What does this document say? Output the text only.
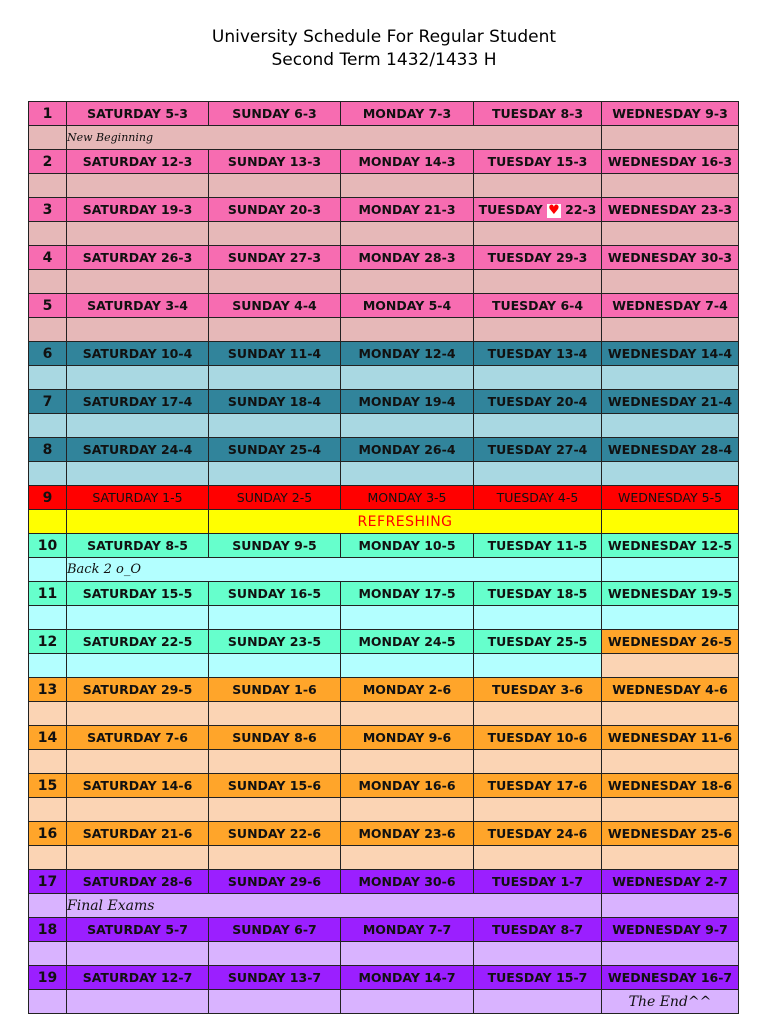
University Schedule For Regular Student
Second Term 1432/1433 H
1	SATURDAY 5-3	SUNDAY 6-3	MONDAY 7-3	TUESDAY 8-3	WEDNESDAY 9-3
	New Beginning				
2	SATURDAY 12-3	SUNDAY 13-3	MONDAY 14-3	TUESDAY 15-3	WEDNESDAY 16-3

3	SATURDAY 19-3	SUNDAY 20-3	MONDAY 21-3	TUESDAY ♥ 22-3	WEDNESDAY 23-3

4	SATURDAY 26-3	SUNDAY 27-3	MONDAY 28-3	TUESDAY 29-3	WEDNESDAY 30-3

5	SATURDAY 3-4	SUNDAY 4-4	MONDAY 5-4	TUESDAY 6-4	WEDNESDAY 7-4

6	SATURDAY 10-4	SUNDAY 11-4	MONDAY 12-4	TUESDAY 13-4	WEDNESDAY 14-4

7	SATURDAY 17-4	SUNDAY 18-4	MONDAY 19-4	TUESDAY 20-4	WEDNESDAY 21-4

8	SATURDAY 24-4	SUNDAY 25-4	MONDAY 26-4	TUESDAY 27-4	WEDNESDAY 28-4

9	SATURDAY 1-5	SUNDAY 2-5	MONDAY 3-5	TUESDAY 4-5	WEDNESDAY 5-5
		REFRESHING			
10	SATURDAY 8-5	SUNDAY 9-5	MONDAY 10-5	TUESDAY 11-5	WEDNESDAY 12-5
	Back 2 o_O				
11	SATURDAY 15-5	SUNDAY 16-5	MONDAY 17-5	TUESDAY 18-5	WEDNESDAY 19-5

12	SATURDAY 22-5	SUNDAY 23-5	MONDAY 24-5	TUESDAY 25-5	WEDNESDAY 26-5

13	SATURDAY 29-5	SUNDAY 1-6	MONDAY 2-6	TUESDAY 3-6	WEDNESDAY 4-6

14	SATURDAY 7-6	SUNDAY 8-6	MONDAY 9-6	TUESDAY 10-6	WEDNESDAY 11-6

15	SATURDAY 14-6	SUNDAY 15-6	MONDAY 16-6	TUESDAY 17-6	WEDNESDAY 18-6

16	SATURDAY 21-6	SUNDAY 22-6	MONDAY 23-6	TUESDAY 24-6	WEDNESDAY 25-6

17	SATURDAY 28-6	SUNDAY 29-6	MONDAY 30-6	TUESDAY 1-7	WEDNESDAY 2-7
	Final Exams				
18	SATURDAY 5-7	SUNDAY 6-7	MONDAY 7-7	TUESDAY 8-7	WEDNESDAY 9-7

19	SATURDAY 12-7	SUNDAY 13-7	MONDAY 14-7	TUESDAY 15-7	WEDNESDAY 16-7
					The End^^
